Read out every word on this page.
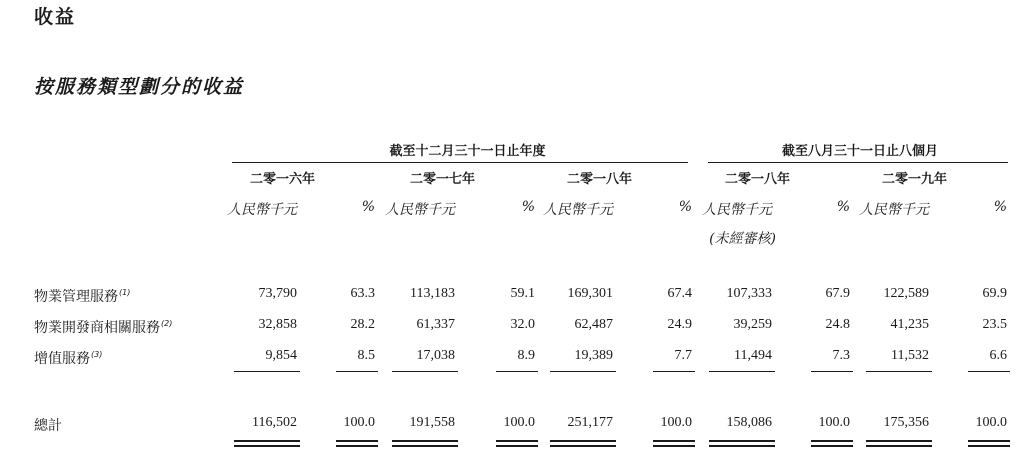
收益
按服務類型劃分的收益
截至十二月三十一日止年度	截至八月三十一日止八個月
二零一六年	二零一七年	二零一八年	二零一八年	二零一九年
人民幣千元	% 人民幣千元	% 人民幣千元	% 人民幣千元	% 人民幣千元	%
(未經審核)
物業管理服務$^{(1)}$	73,790	63.3	113,183	59.1	169,301	67.4	107,333	67.9	122,589	69.9
物業開發商相關服務$^{(2)}$	32,858	28.2	61,337	32.0	62,487	24.9	39,259	24.8	41,235	23.5
增值服務$^{(3)}$	9,854	8.5	17,038	8.9	19,389	7.7	11,494	7.3	11,532	6.6
總計	116,502	100.0	191,558	100.0	251,177	100.0	158,086	100.0	175,356	100.0
